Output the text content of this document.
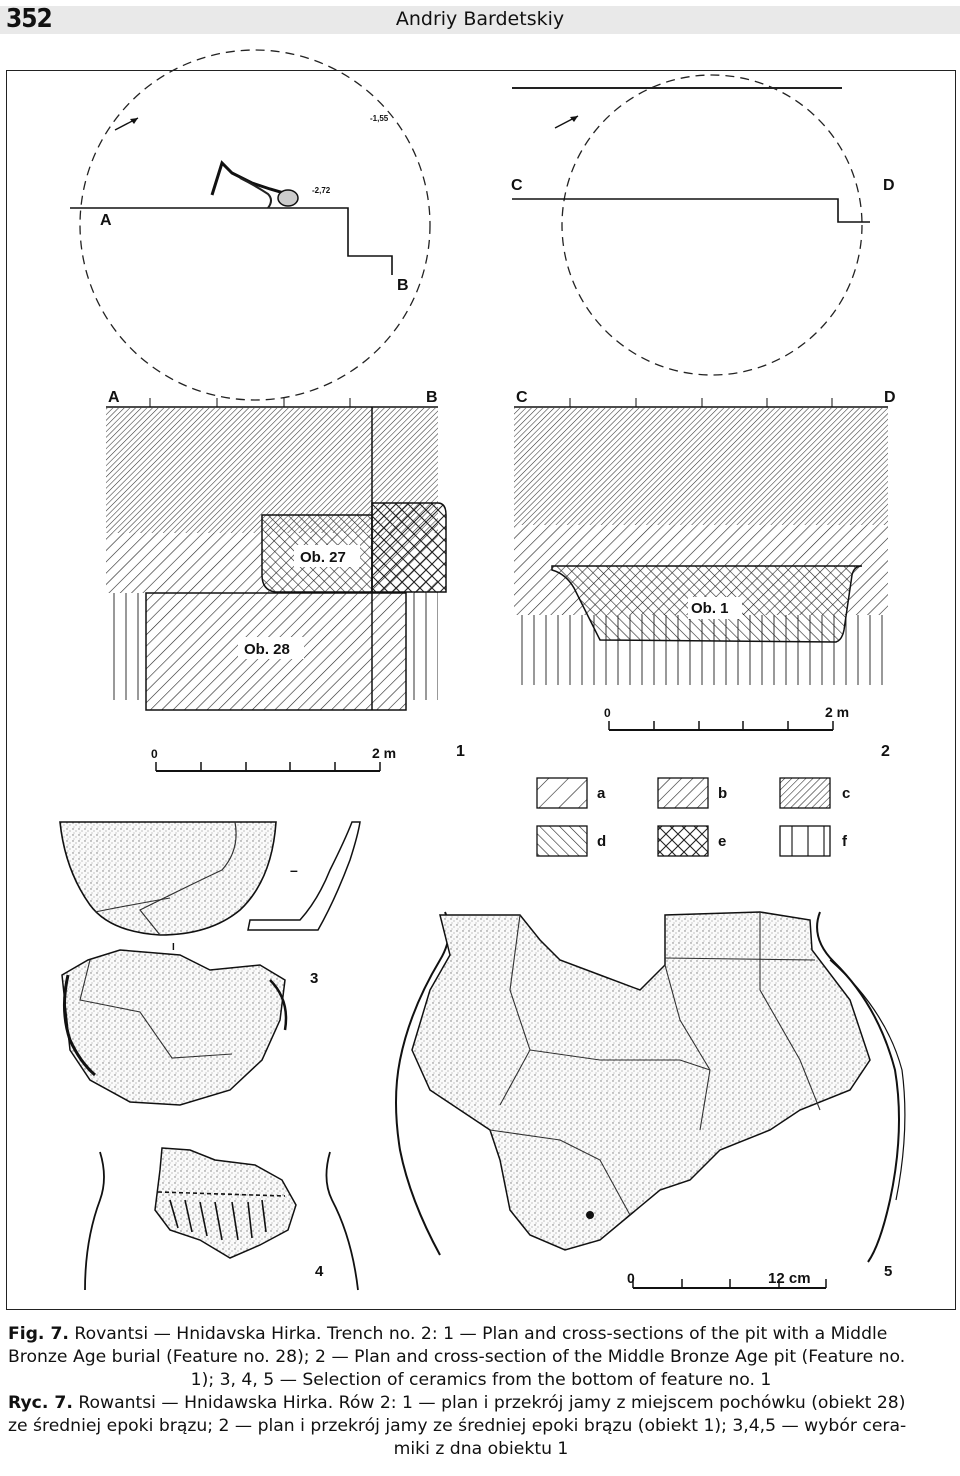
352	Andriy Bardetskiy
A
B
-1,55
-2,72	C	D
A	B
Ob. 27
Ob. 28
0	2 m	1
C	D
Ob. 1
0	2 m
2
a	b	c
d	e	f
–
I
3
4	0	12 cm	5
Fig. 7. Rovantsi — Hnidavska Hirka. Trench no. 2: 1 — Plan and cross-sections of the pit with a Middle
Bronze Age burial (Feature no. 28); 2 — Plan and cross-section of the Middle Bronze Age pit (Feature no.
1); 3, 4, 5 — Selection of ceramics from the bottom of feature no. 1
Ryc. 7. Rowantsi — Hnidawska Hirka. Rów 2: 1 — plan i przekrój jamy z miejscem pochówku (obiekt 28)
ze średniej epoki brązu; 2 — plan i przekrój jamy ze średniej epoki brązu (obiekt 1); 3,4,5 — wybór cera-
miki z dna obiektu 1
